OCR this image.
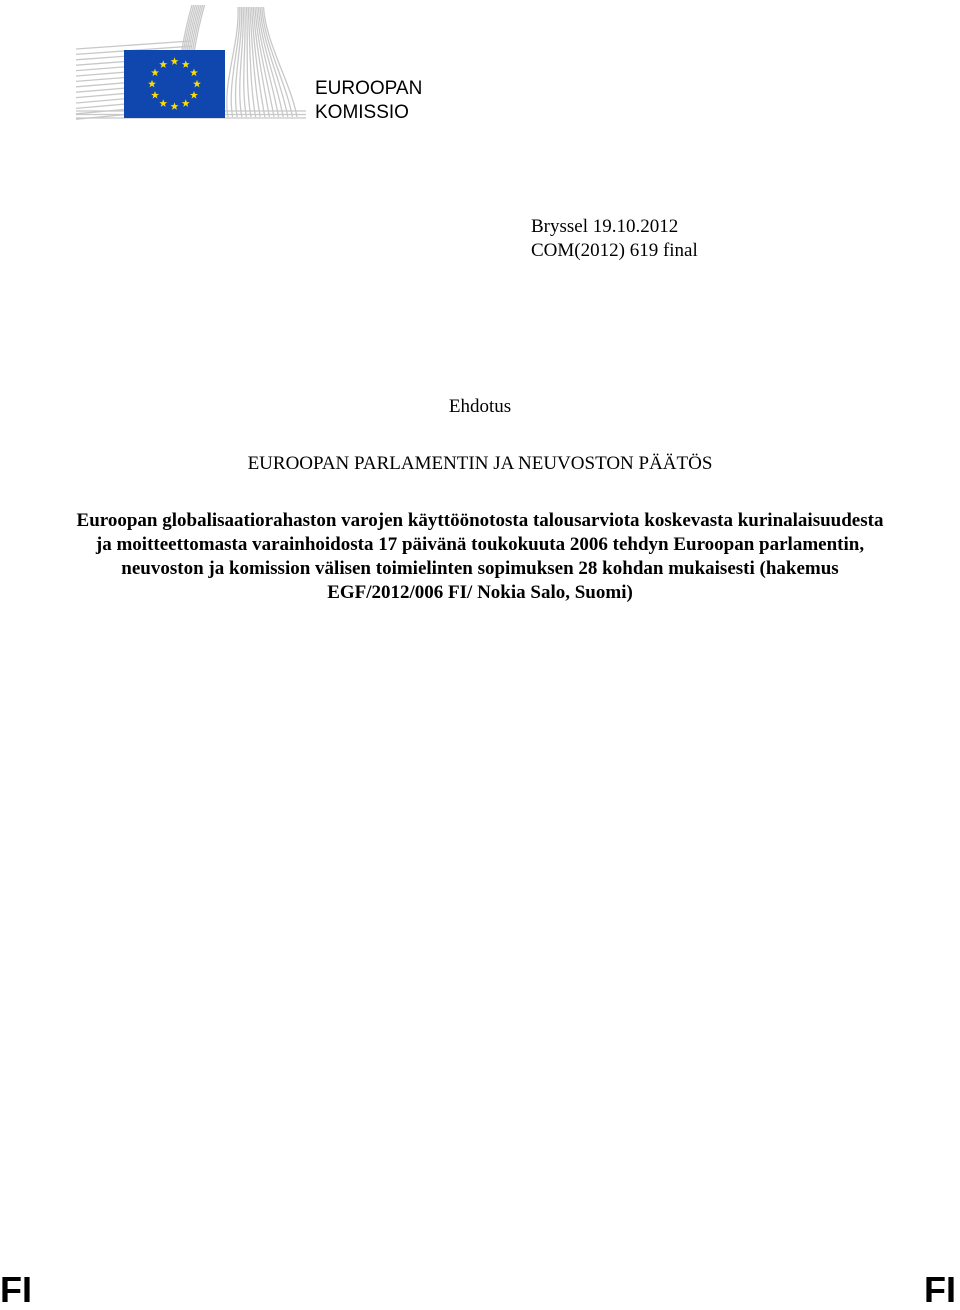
EUROOPAN
KOMISSIO
Bryssel 19.10.2012
COM(2012) 619 final
Ehdotus
EUROOPAN PARLAMENTIN JA NEUVOSTON PÄÄTÖS
Euroopan globalisaatiorahaston varojen käyttöönotosta talousarviota koskevasta kurinalaisuudesta ja moitteettomasta varainhoidosta 17 päivänä toukokuuta 2006 tehdyn Euroopan parlamentin, neuvoston ja komission välisen toimielinten sopimuksen 28 kohdan mukaisesti (hakemus EGF/2012/006 FI/ Nokia Salo, Suomi)
FI	FI
